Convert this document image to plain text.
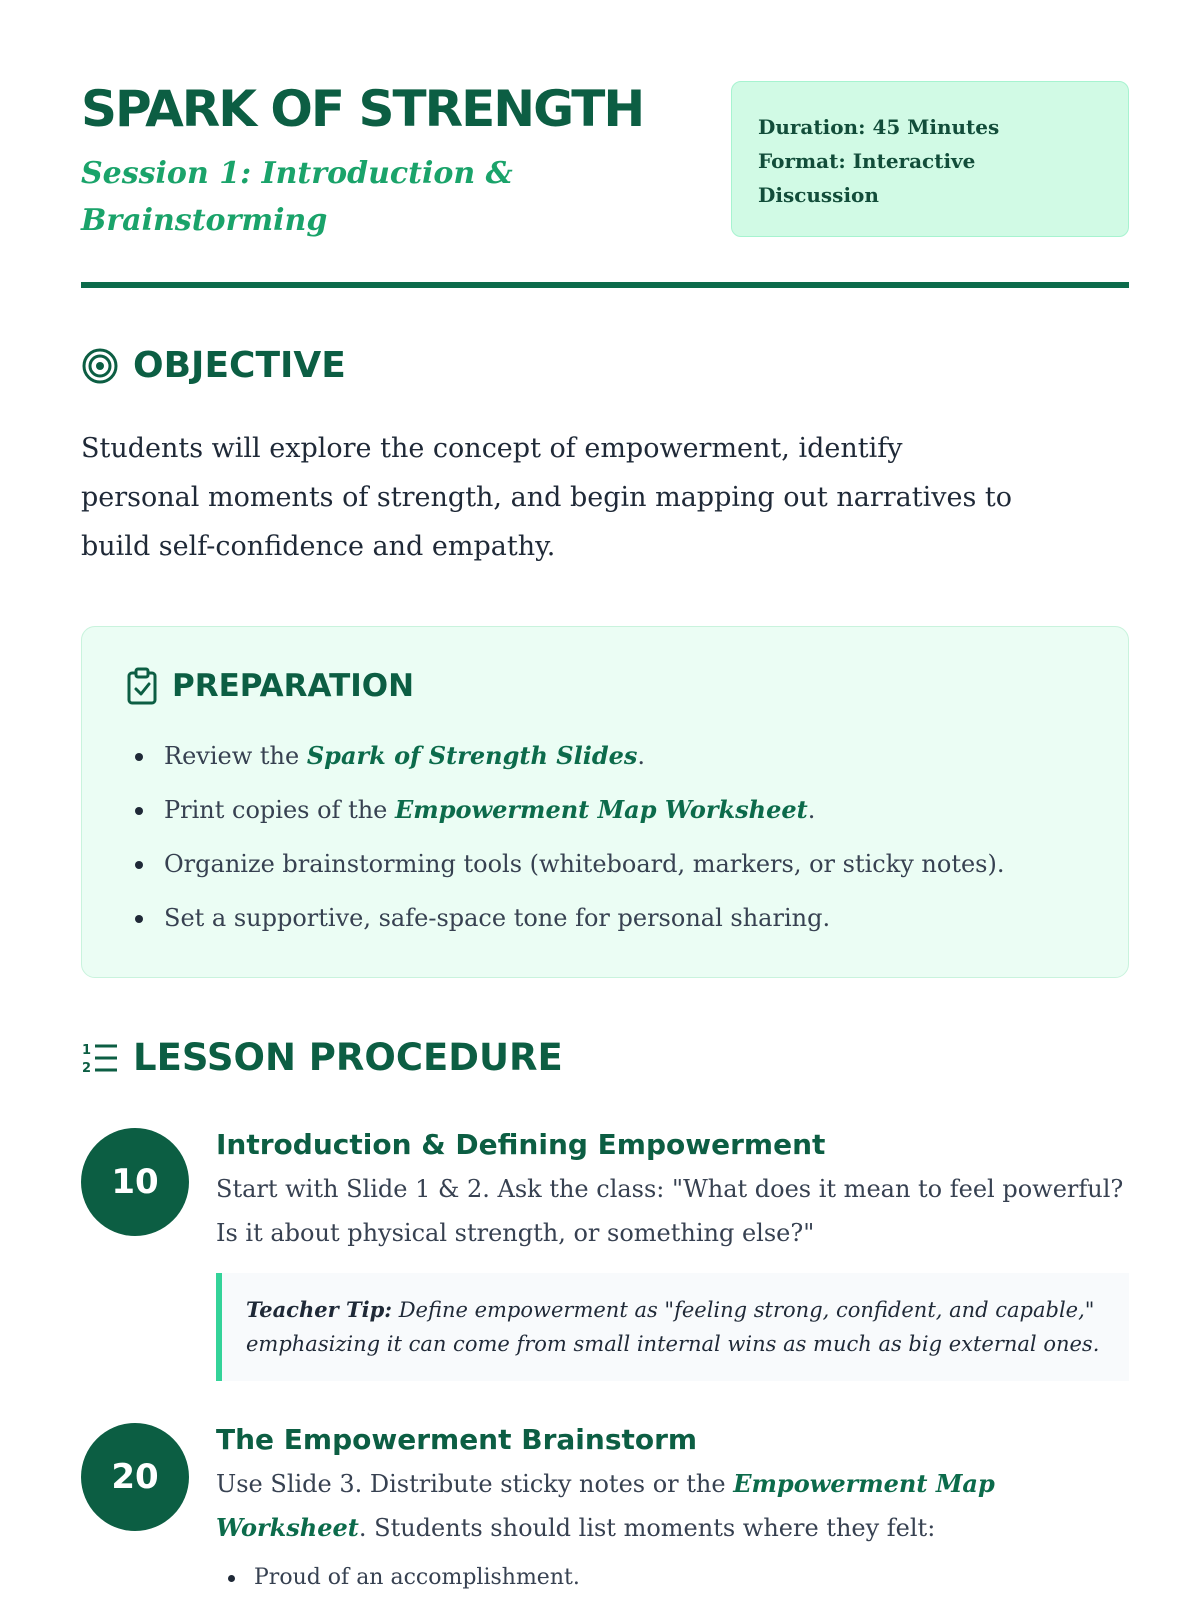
SPARK OF STRENGTH

Session 1: Introduction & Brainstorming

Duration: 45 Minutes
Format: Interactive Discussion
OBJECTIVE

Students will explore the concept of empowerment, identify personal moments of strength, and begin mapping out narratives to build self-confidence and empathy.

PREPARATION
Review the Spark of Strength Slides.
Print copies of the Empowerment Map Worksheet.
Organize brainstorming tools (whiteboard, markers, or sticky notes).
Set a supportive, safe-space tone for personal sharing.
1
2 LESSON PROCEDURE
10
Introduction & Defining Empowerment

Start with Slide 1 & 2. Ask the class: "What does it mean to feel powerful? Is it about physical strength, or something else?"

Teacher Tip: Define empowerment as "feeling strong, confident, and capable," emphasizing it can come from small internal wins as much as big external ones.
20
The Empowerment Brainstorm

Use Slide 3. Distribute sticky notes or the Empowerment Map Worksheet. Students should list moments where they felt:

Proud of an accomplishment.
